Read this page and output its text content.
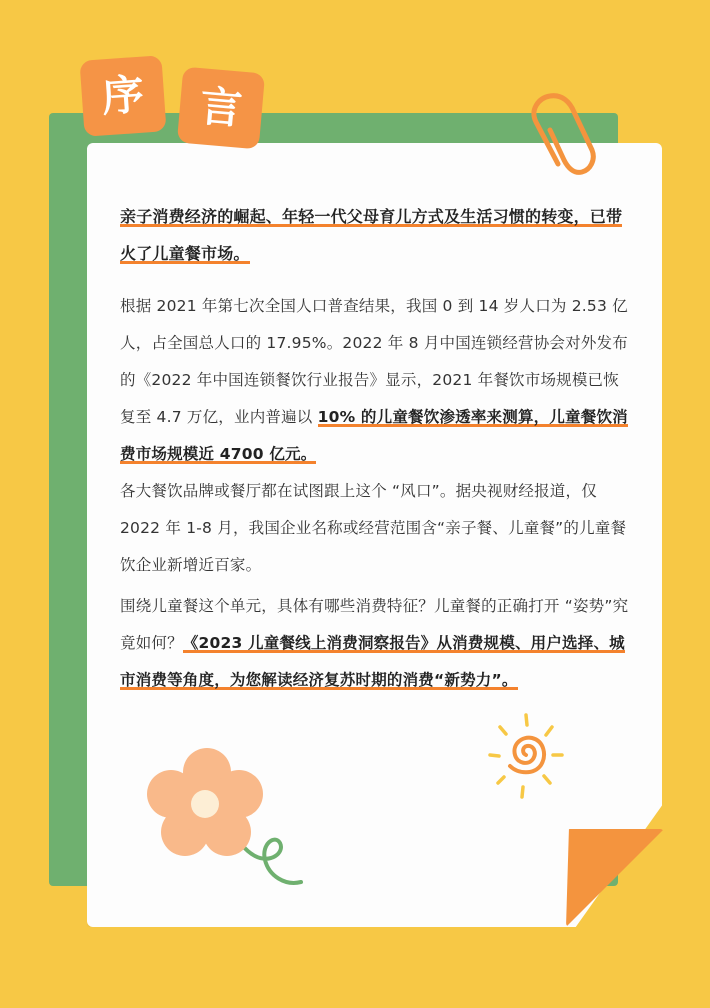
序	言
亲子消费经济的崛起、年轻一代父母育儿方式及生活习惯的转变，已带火了儿童餐市场。

根据 2021 年第七次全国人口普查结果，我国 0 到 14 岁人口为 2.53 亿人，占全国总人口的 17.95%。2022 年 8 月中国连锁经营协会对外发布的《2022 年中国连锁餐饮行业报告》显示，2021 年餐饮市场规模已恢复至 4.7 万亿，业内普遍以 10% 的儿童餐饮渗透率来测算，儿童餐饮消费市场规模近 4700 亿元。

各大餐饮品牌或餐厅都在试图跟上这个 “风口”。据央视财经报道，仅 2022 年 1-8 月，我国企业名称或经营范围含“亲子餐、儿童餐”的儿童餐饮企业新增近百家。

围绕儿童餐这个单元，具体有哪些消费特征？儿童餐的正确打开 “姿势”究竟如何？《2023 儿童餐线上消费洞察报告》从消费规模、用户选择、城市消费等角度，为您解读经济复苏时期的消费“新势力”。
